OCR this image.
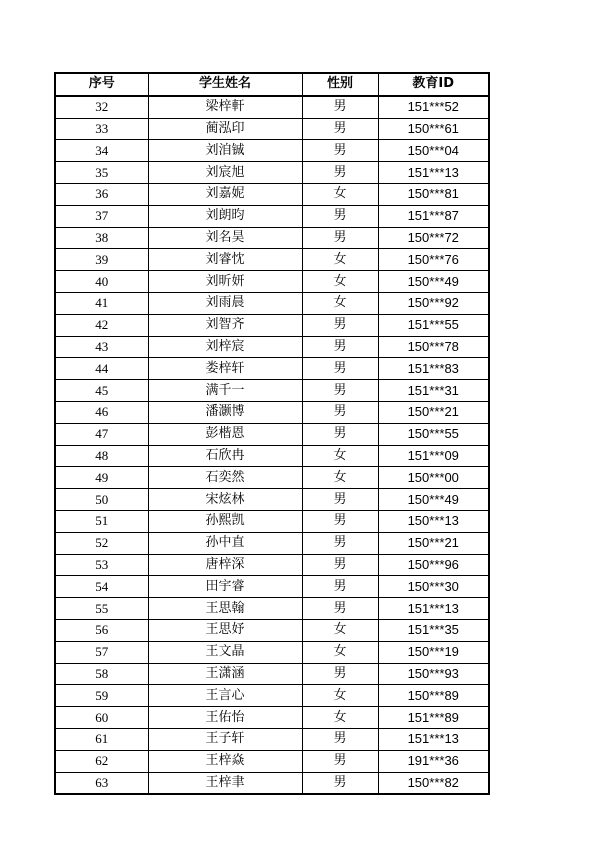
序号	学生姓名	性别	教育ID
32	梁梓軒	男	151***52
33	蔺泓印	男	150***61
34	刘洎铖	男	150***04
35	刘宸旭	男	151***13
36	刘嘉妮	女	150***81
37	刘朗昀	男	151***87
38	刘名昊	男	150***72
39	刘睿忱	女	150***76
40	刘昕妍	女	150***49
41	刘雨晨	女	150***92
42	刘智齐	男	151***55
43	刘梓宸	男	150***78
44	娄梓轩	男	151***83
45	满千一	男	151***31
46	潘灏博	男	150***21
47	彭楷恩	男	150***55
48	石欣冉	女	151***09
49	石奕然	女	150***00
50	宋炫林	男	150***49
51	孙熙凯	男	150***13
52	孙中直	男	150***21
53	唐梓深	男	150***96
54	田宇睿	男	150***30
55	王思翰	男	151***13
56	王思妤	女	151***35
57	王文晶	女	150***19
58	王潇涵	男	150***93
59	王言心	女	150***89
60	王佑怡	女	151***89
61	王子轩	男	151***13
62	王梓焱	男	191***36
63	王梓聿	男	150***82
